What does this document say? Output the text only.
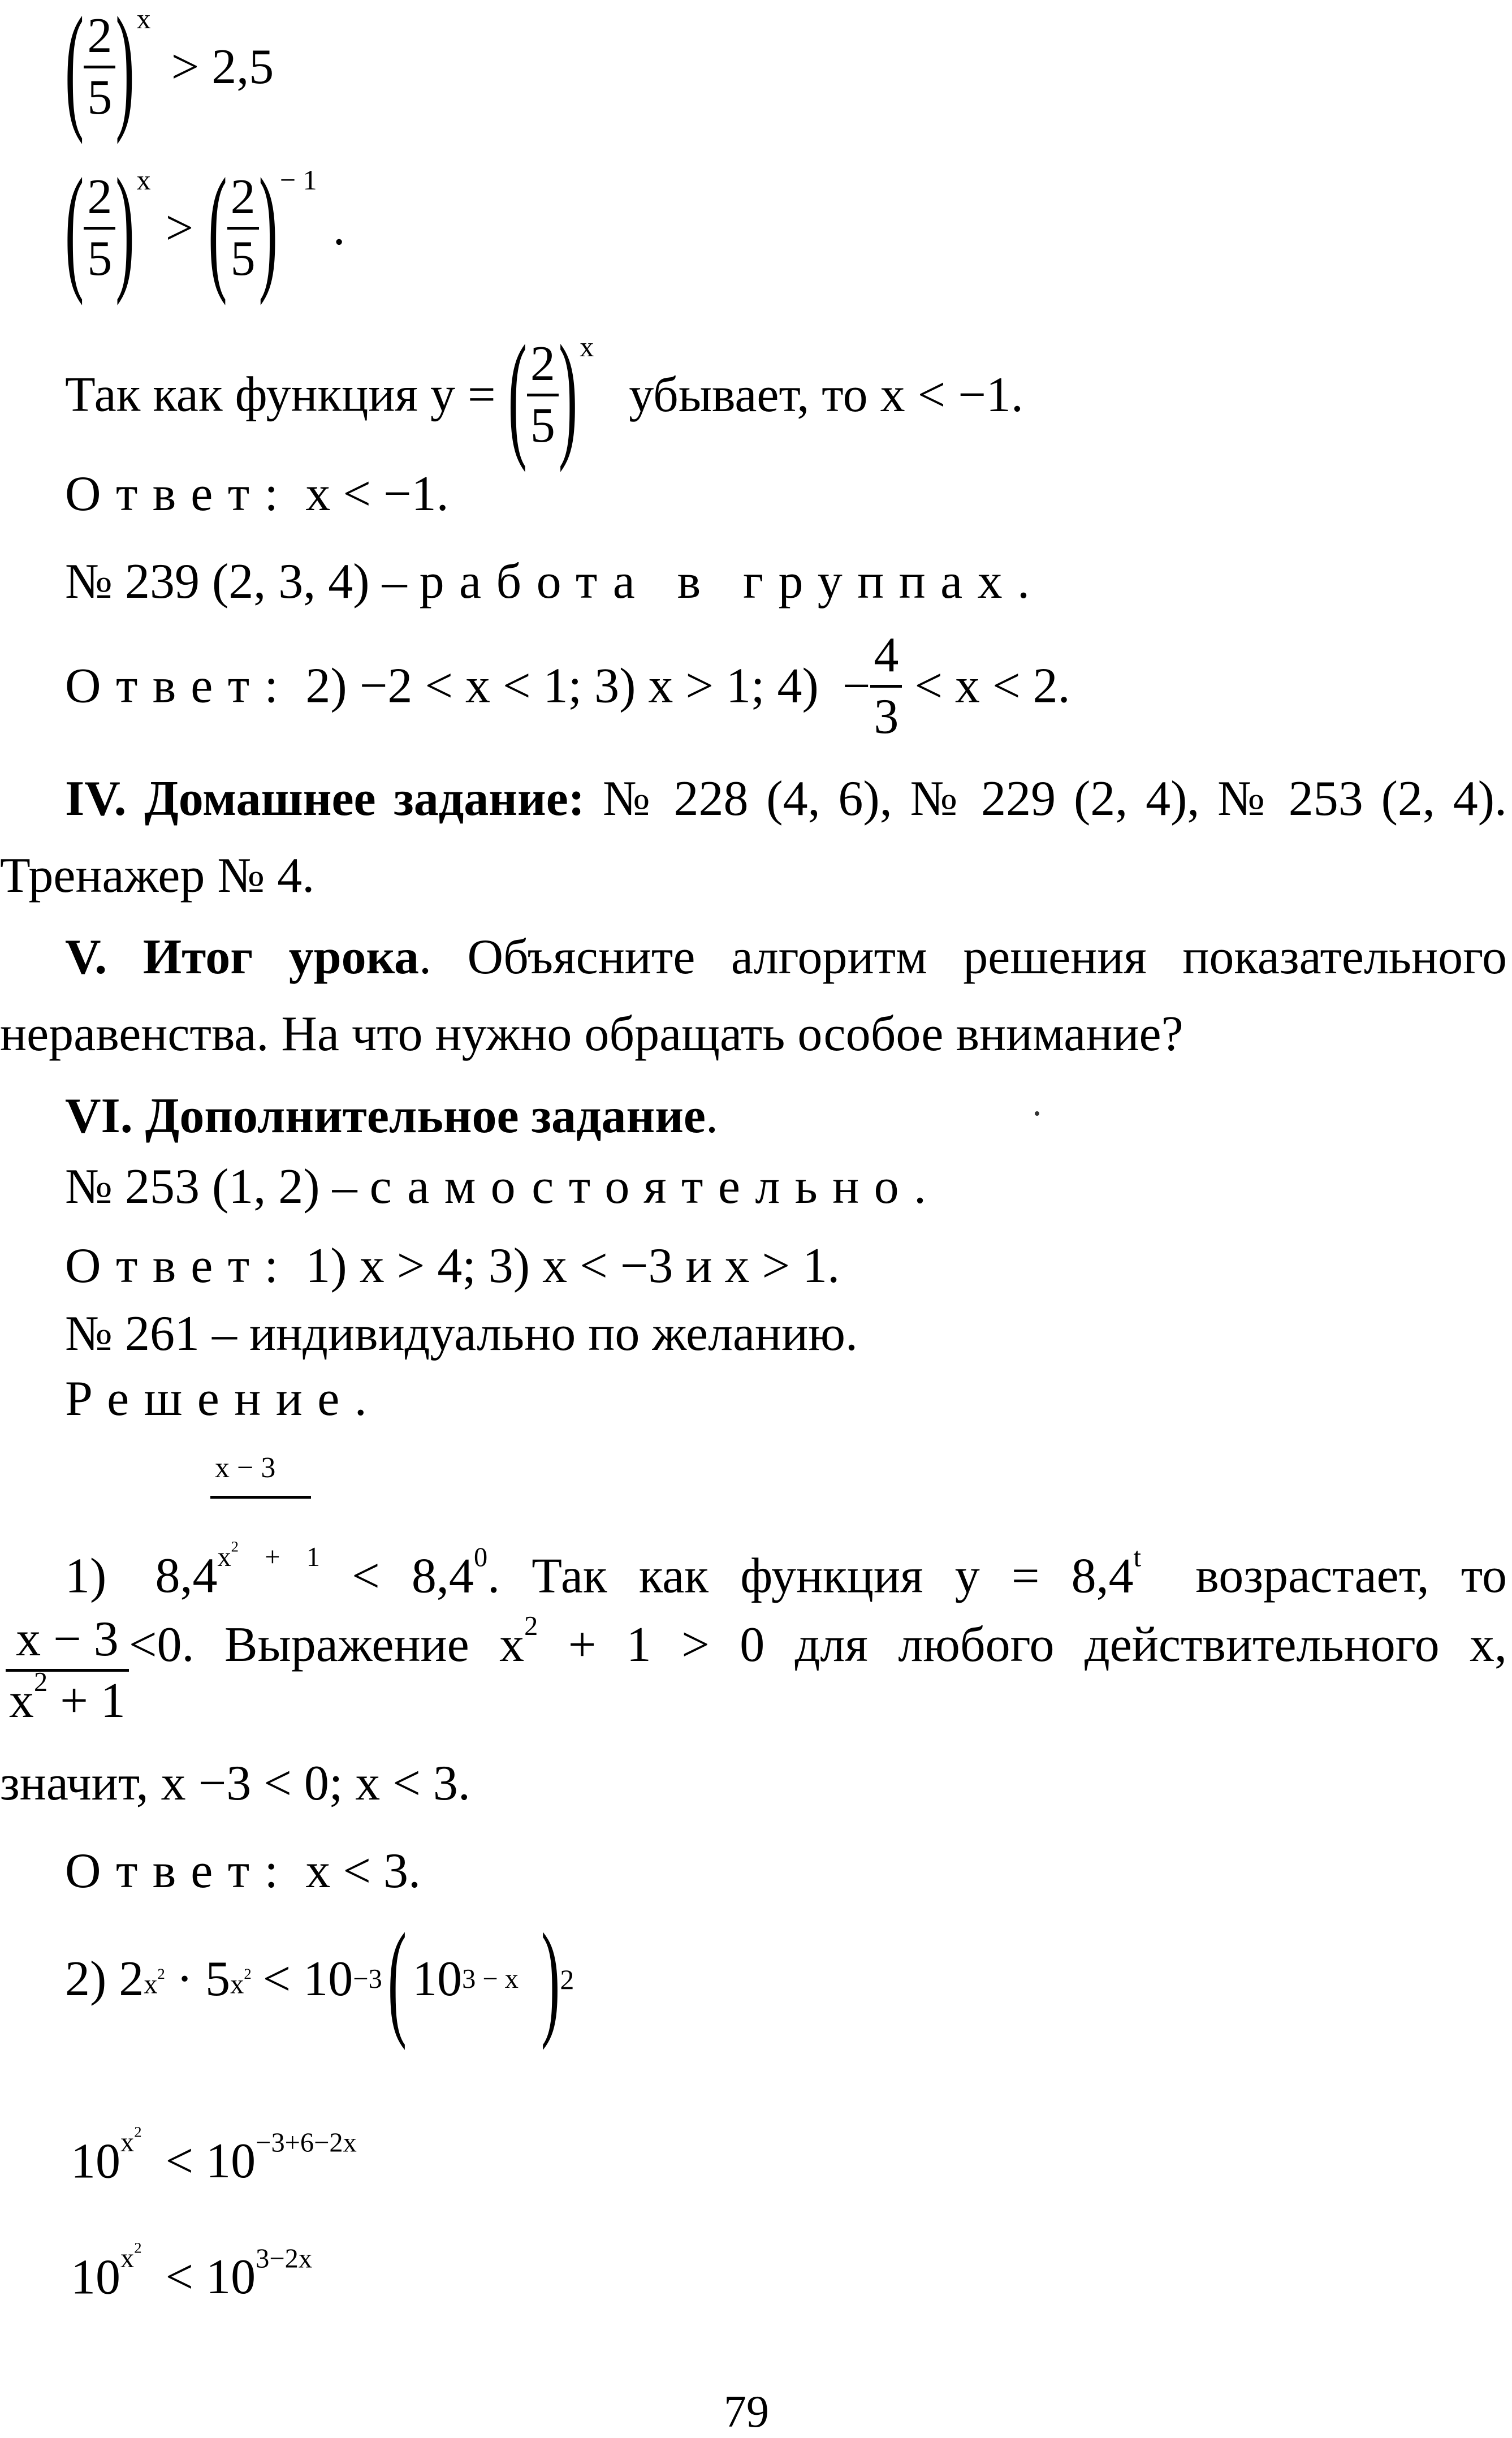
( 2
5 ) x
> 2,5
( 2
5 ) x
> ( 2
5 ) − 1
.
Так как функция y = ( 2
5 ) x
убывает, то x < −1.
Ответ: x < −1.
№ 239 (2, 3, 4) – работа в группах.
Ответ: 2) −2 < x < 1; 3) x > 1; 4) −
4
3
< x < 2.
IV. Домашнее задание: № 228 (4, 6), № 229 (2, 4), № 253 (2, 4).
Тренажер № 4.
V. Итог урока. Объясните алгоритм решения показательного
неравенства. На что нужно обращать особое внимание?
VI. Дополнительное задание.
№ 253 (1, 2) – самостоятельно.
Ответ: 1) x > 4; 3) x < −3 и x > 1.
№ 261 – индивидуально по желанию.
Решение.
x − 3
1) $8,4^{x^2 + 1} < 8,4^0$. Так как функция $y = 8,4^t$ возрастает, то
x − 3
$x^2 + 1$
<0. Выражение $x^2 + 1 > 0$ для любого действительного x,
значит, x −3 < 0; x < 3.
Ответ: x < 3.
2) 2 $x^2 \cdot 5$ $x^2 < 10 -3$ ( 10 3 − x ) 2
$10^{x^2} < 10^{-3+6-2x}$
$10^{x^2} < 10^{3-2x}$
79
